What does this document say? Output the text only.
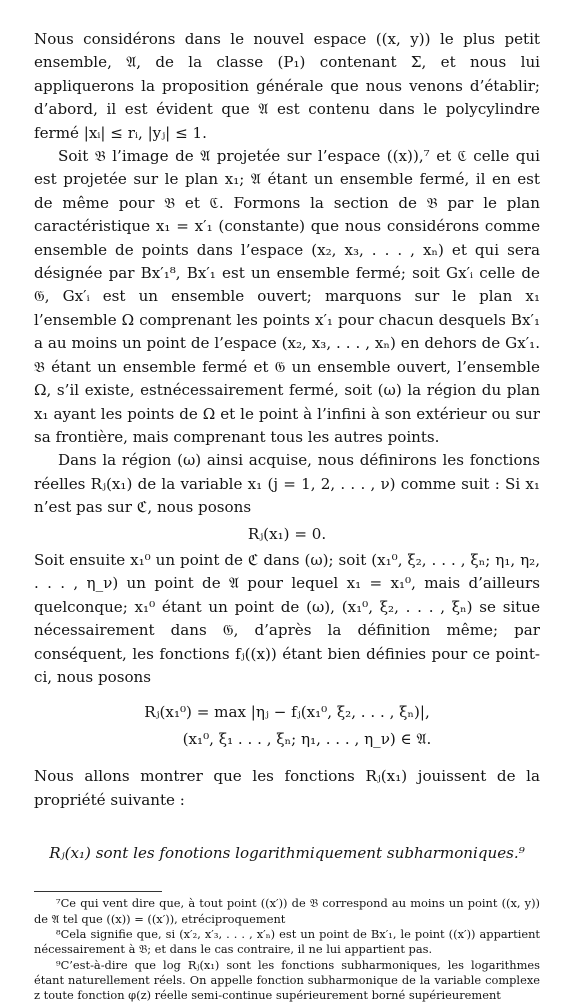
Nous considérons dans le nouvel espace ((x, y)) le plus petit ensemble, 𝔄, de la classe (P₁) contenant Σ, et nous lui appliquerons la proposition générale que nous venons d’établir; d’abord, il est évident que 𝔄 est contenu dans le polycylindre fermé |xᵢ| ≤ rᵢ, |yⱼ| ≤ 1.

Soit 𝔅 l’image de 𝔄 projetée sur l’espace ((x)),⁷ et ℭ celle qui est projetée sur le plan x₁; 𝔄 étant un ensemble fermé, il en est de même pour 𝔅 et ℭ. Formons la section de 𝔅 par le plan caractéristique x₁ = x′₁ (constante) que nous considérons comme ensemble de points dans l’espace (x₂, x₃, . . . , xₙ) et qui sera désignée par Bx′₁⁸, Bx′₁ est un ensemble fermé; soit Gx′ᵢ celle de 𝔊, Gx′ᵢ est un ensemble ouvert; marquons sur le plan x₁ l’ensemble Ω comprenant les points x′₁ pour chacun desquels Bx′₁ a au moins un point de l’espace (x₂, x₃, . . . , xₙ) en dehors de Gx′₁. 𝔅 étant un ensemble fermé et 𝔊 un ensemble ouvert, l’ensemble Ω, s’il existe, estnécessairement fermé, soit (ω) la région du plan x₁ ayant les points de Ω et le point à l’infini à son extérieur ou sur sa frontière, mais comprenant tous les autres points.

Dans la région (ω) ainsi acquise, nous définirons les fonctions réelles Rⱼ(x₁) de la variable x₁ (j = 1, 2, . . . , ν) comme suit : Si x₁ n’est pas sur ℭ, nous posons

Rⱼ(x₁) = 0.

Soit ensuite x₁⁰ un point de ℭ dans (ω); soit (x₁⁰, ξ₂, . . . , ξₙ; η₁, η₂, . . . , η_ν) un point de 𝔄 pour lequel x₁ = x₁⁰, mais d’ailleurs quelconque; x₁⁰ étant un point de (ω), (x₁⁰, ξ₂, . . . , ξₙ) se situe nécessairement dans 𝔊, d’après la définition même; par conséquent, les fonctions fⱼ((x)) étant bien définies pour ce point-ci, nous posons

Rⱼ(x₁⁰) = max |ηⱼ − fⱼ(x₁⁰, ξ₂, . . . , ξₙ)|,

(x₁⁰, ξ₁ . . . , ξₙ; η₁, . . . , η_ν) ∈ 𝔄.

Nous allons montrer que les fonctions Rⱼ(x₁) jouissent de la propriété suivante :

Rⱼ(x₁) sont les fonotions logarithmiquement subharmoniques.⁹

⁷Ce qui vent dire que, à tout point ((x′)) de 𝔅 correspond au moins un point ((x, y)) de 𝔄 tel que ((x)) = ((x′)), etréciproquement

⁸Cela signifie que, si (x′₂, x′₃, . . . , x′ₙ) est un point de Bx′₁, le point ((x′)) appartient nécessairement à 𝔅; et dans le cas contraire, il ne lui appartient pas.

⁹C’est-à-dire que log Rⱼ(x₁) sont les fonctions subharmoniques, les logarithmes étant naturellement réels. On appelle fonction subharmonique de la variable complexe z toute fonction φ(z) réelle semi-continue supérieurement borné supérieurement
